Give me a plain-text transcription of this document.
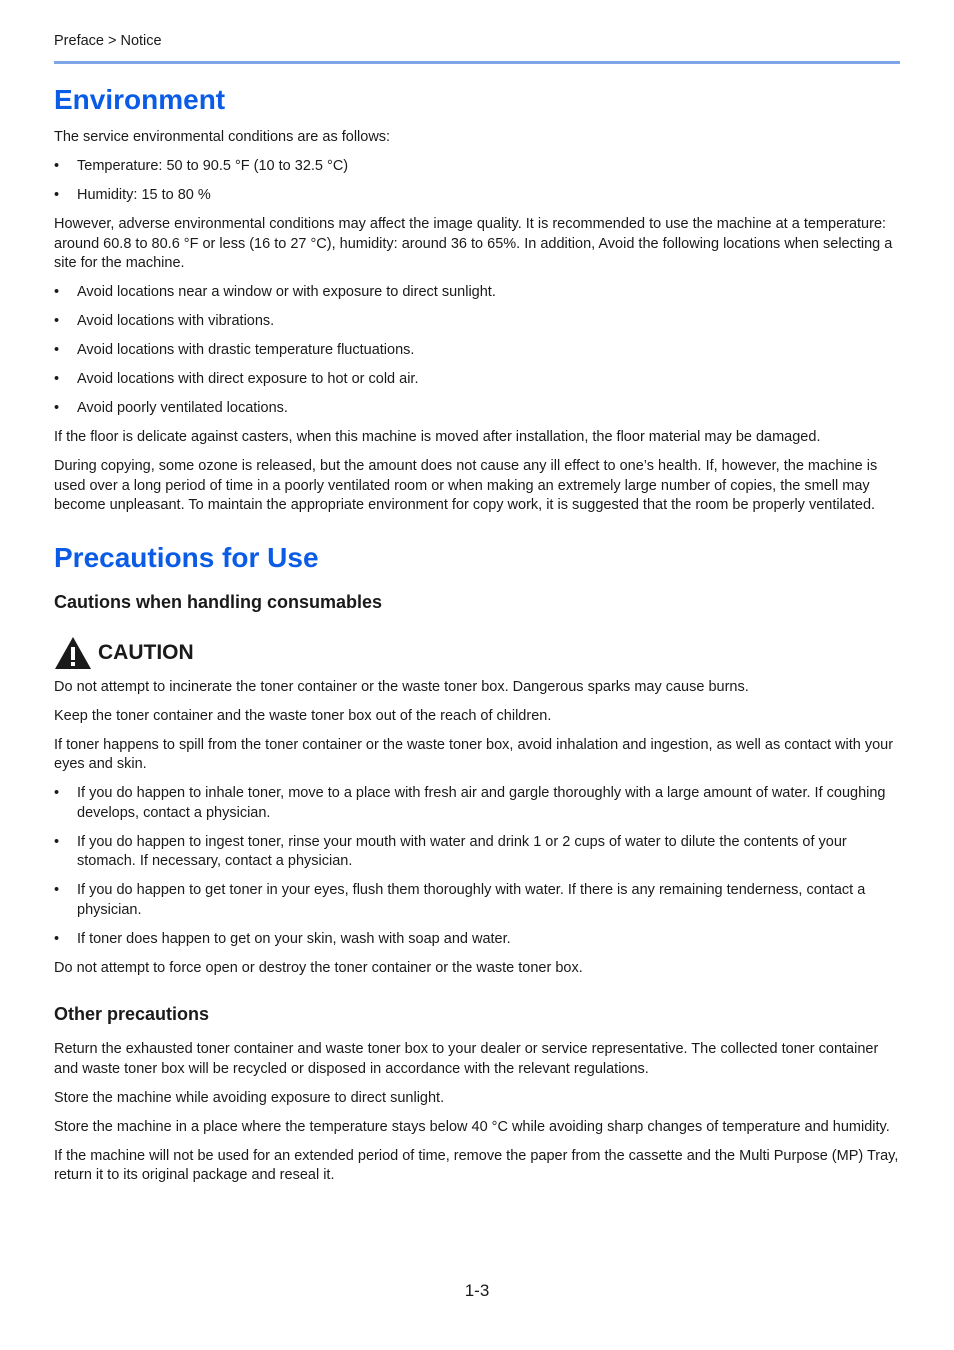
Preface > Notice
Environment

The service environmental conditions are as follows:

• Temperature: 50 to 90.5 °F (10 to 32.5 °C)
• Humidity: 15 to 80 %

However, adverse environmental conditions may affect the image quality. It is recommended to use the machine at a temperature: around 60.8 to 80.6 °F or less (16 to 27 °C), humidity: around 36 to 65%. In addition, Avoid the following locations when selecting a site for the machine.

• Avoid locations near a window or with exposure to direct sunlight.
• Avoid locations with vibrations.
• Avoid locations with drastic temperature fluctuations.
• Avoid locations with direct exposure to hot or cold air.
• Avoid poorly ventilated locations.

If the floor is delicate against casters, when this machine is moved after installation, the floor material may be damaged.

During copying, some ozone is released, but the amount does not cause any ill effect to one’s health. If, however, the machine is used over a long period of time in a poorly ventilated room or when making an extremely large number of copies, the smell may become unpleasant. To maintain the appropriate environment for copy work, it is suggested that the room be properly ventilated.

Precautions for Use
Cautions when handling consumables
CAUTION

Do not attempt to incinerate the toner container or the waste toner box. Dangerous sparks may cause burns.

Keep the toner container and the waste toner box out of the reach of children.

If toner happens to spill from the toner container or the waste toner box, avoid inhalation and ingestion, as well as contact with your eyes and skin.

• If you do happen to inhale toner, move to a place with fresh air and gargle thoroughly with a large amount of water. If coughing develops, contact a physician.
• If you do happen to ingest toner, rinse your mouth with water and drink 1 or 2 cups of water to dilute the contents of your stomach. If necessary, contact a physician.
• If you do happen to get toner in your eyes, flush them thoroughly with water. If there is any remaining tenderness, contact a physician.
• If toner does happen to get on your skin, wash with soap and water.

Do not attempt to force open or destroy the toner container or the waste toner box.

Other precautions

Return the exhausted toner container and waste toner box to your dealer or service representative. The collected toner container and waste toner box will be recycled or disposed in accordance with the relevant regulations.

Store the machine while avoiding exposure to direct sunlight.

Store the machine in a place where the temperature stays below 40 °C while avoiding sharp changes of temperature and humidity.

If the machine will not be used for an extended period of time, remove the paper from the cassette and the Multi Purpose (MP) Tray, return it to its original package and reseal it.

1-3
